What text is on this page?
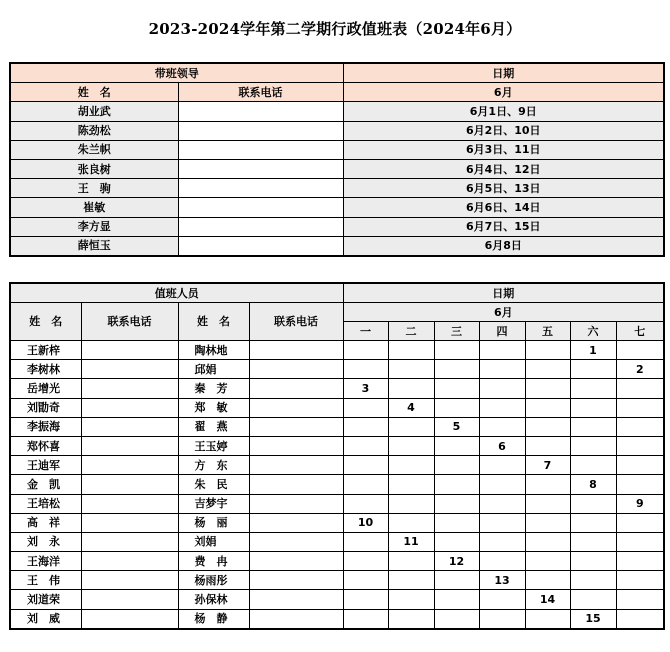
2023-2024学年第二学期行政值班表（2024年6月）
带班领导		日期
姓　名	联系电话	6月
胡业武		6月1日、9日
陈劲松		6月2日、10日
朱兰帜		6月3日、11日
张良树		6月4日、12日
王　驹		6月5日、13日
崔敏		6月6日、14日
李方显		6月7日、15日
薛恒玉		6月8日
值班人员				日期						
姓　名	联系电话	姓　名	联系电话	6月						
				一	二	三	四	五	六	七
王新梓		陶林地							1	
李树林		邱娟								2
岳增光		秦　芳		3						
刘勖奇		郑　敏			4					
李振海		翟　燕				5				
郑怀喜		王玉婷					6			
王迪军		方　东						7		
金　凯		朱　民							8	
王培松		吉梦宇								9
高　祥		杨　丽		10						
刘　永		刘娟			11					
王海洋		费　冉				12				
王　伟		杨雨彤					13			
刘道荣		孙保林						14		
刘　威		杨　静							15	
